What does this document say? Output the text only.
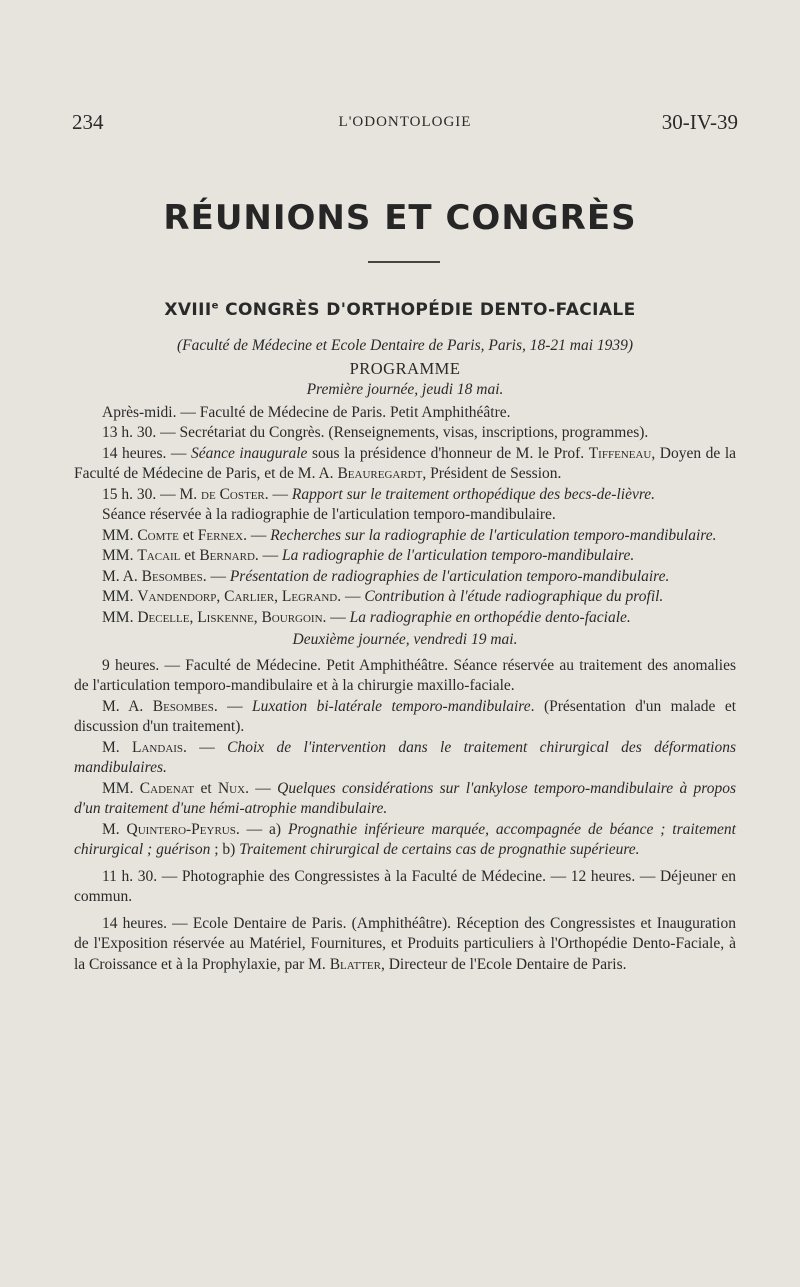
234	L'ODONTOLOGIE	30-IV-39
RÉUNIONS ET CONGRÈS
XVIIIe CONGRÈS D'ORTHOPÉDIE DENTO-FACIALE

(Faculté de Médecine et Ecole Dentaire de Paris, Paris, 18-21 mai 1939)

PROGRAMME

Première journée, jeudi 18 mai.

Après-midi. — Faculté de Médecine de Paris. Petit Amphithéâtre.

13 h. 30. — Secrétariat du Congrès. (Renseignements, visas, inscriptions, programmes).

14 heures. — Séance inaugurale sous la présidence d'honneur de M. le Prof. Tiffeneau, Doyen de la Faculté de Médecine de Paris, et de M. A. Beauregardt, Président de Session.

15 h. 30. — M. de Coster. — Rapport sur le traitement orthopédique des becs-de-lièvre.

Séance réservée à la radiographie de l'articulation temporo-mandibulaire.

MM. Comte et Fernex. — Recherches sur la radiographie de l'articulation temporo-mandibulaire.

MM. Tacail et Bernard. — La radiographie de l'articulation temporo-mandibulaire.

M. A. Besombes. — Présentation de radiographies de l'articulation temporo-mandibulaire.

MM. Vandendorp, Carlier, Legrand. — Contribution à l'étude radiographique du profil.

MM. Decelle, Liskenne, Bourgoin. — La radiographie en orthopédie dento-faciale.

Deuxième journée, vendredi 19 mai.

9 heures. — Faculté de Médecine. Petit Amphithéâtre. Séance réservée au traitement des anomalies de l'articulation temporo-mandibulaire et à la chirurgie maxillo-faciale.

M. A. Besombes. — Luxation bi-latérale temporo-mandibulaire. (Présentation d'un malade et discussion d'un traitement).

M. Landais. — Choix de l'intervention dans le traitement chirurgical des déformations mandibulaires.

MM. Cadenat et Nux. — Quelques considérations sur l'ankylose temporo-mandibulaire à propos d'un traitement d'une hémi-atrophie mandibulaire.

M. Quintero-Peyrus. — a) Prognathie inférieure marquée, accompagnée de béance ; traitement chirurgical ; guérison ; b) Traitement chirurgical de certains cas de prognathie supérieure.

11 h. 30. — Photographie des Congressistes à la Faculté de Médecine. — 12 heures. — Déjeuner en commun.

14 heures. — Ecole Dentaire de Paris. (Amphithéâtre). Réception des Congressistes et Inauguration de l'Exposition réservée au Matériel, Fournitures, et Produits particuliers à l'Orthopédie Dento-Faciale, à la Croissance et à la Prophylaxie, par M. Blatter, Directeur de l'Ecole Dentaire de Paris.
